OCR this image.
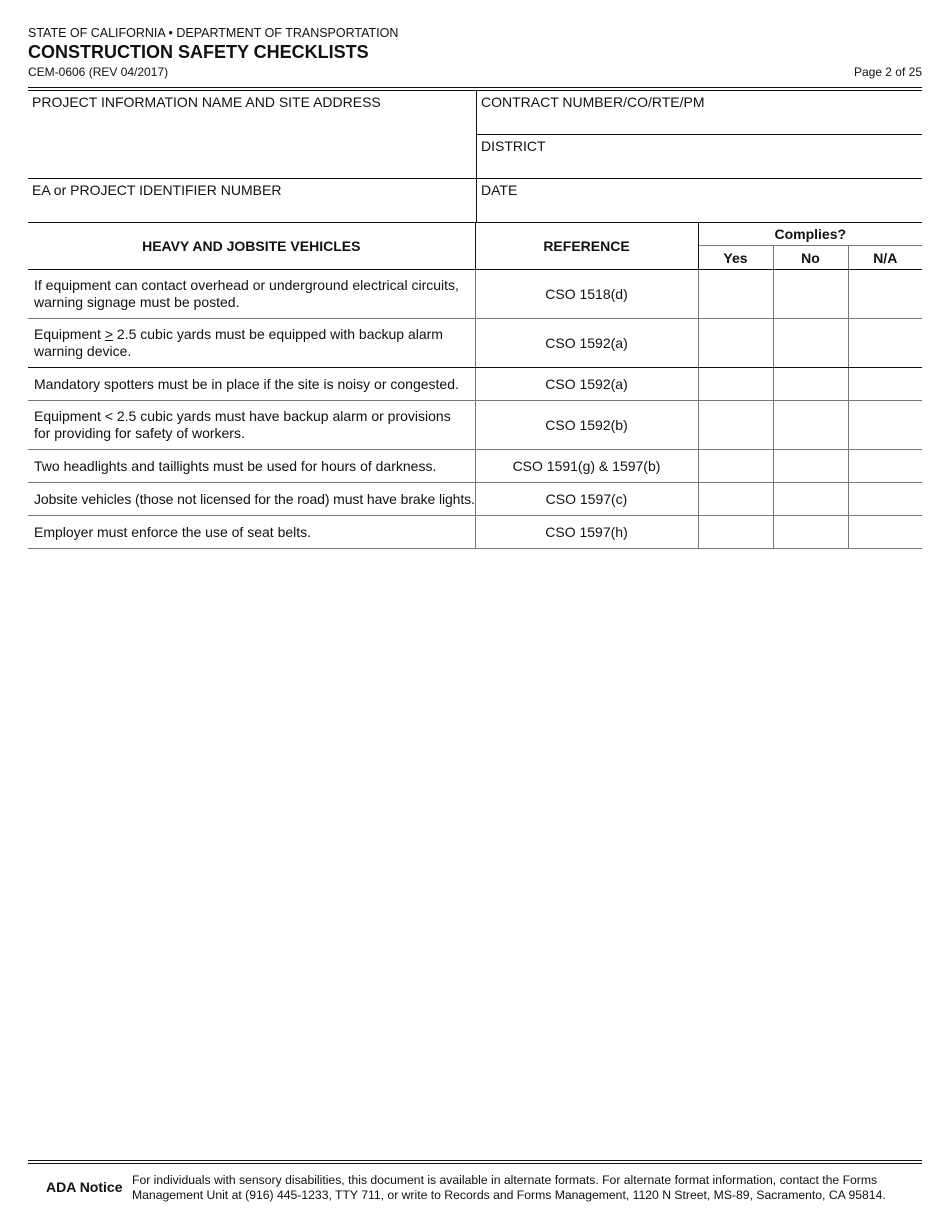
STATE OF CALIFORNIA • DEPARTMENT OF TRANSPORTATION
CONSTRUCTION SAFETY CHECKLISTS
CEM-0606 (REV 04/2017)	Page 2 of 25
PROJECT INFORMATION NAME AND SITE ADDRESS	CONTRACT NUMBER/CO/RTE/PM
	DISTRICT
EA or PROJECT IDENTIFIER NUMBER	DATE
HEAVY AND JOBSITE VEHICLES	REFERENCE	Complies?		
		Yes	No	N/A
If equipment can contact overhead or underground electrical circuits, warning signage must be posted.	CSO 1518(d)			
Equipment ≥ 2.5 cubic yards must be equipped with backup alarm warning device.	CSO 1592(a)			
Mandatory spotters must be in place if the site is noisy or congested.	CSO 1592(a)			
Equipment < 2.5 cubic yards must have backup alarm or provisions for providing for safety of workers.	CSO 1592(b)			
Two headlights and taillights must be used for hours of darkness.	CSO 1591(g) & 1597(b)			
Jobsite vehicles (those not licensed for the road) must have brake lights.	CSO 1597(c)			
Employer must enforce the use of seat belts.	CSO 1597(h)			
ADA Notice For individuals with sensory disabilities, this document is available in alternate formats. For alternate format information, contact the Forms Management Unit at (916) 445-1233, TTY 711, or write to Records and Forms Management, 1120 N Street, MS-89, Sacramento, CA 95814.
